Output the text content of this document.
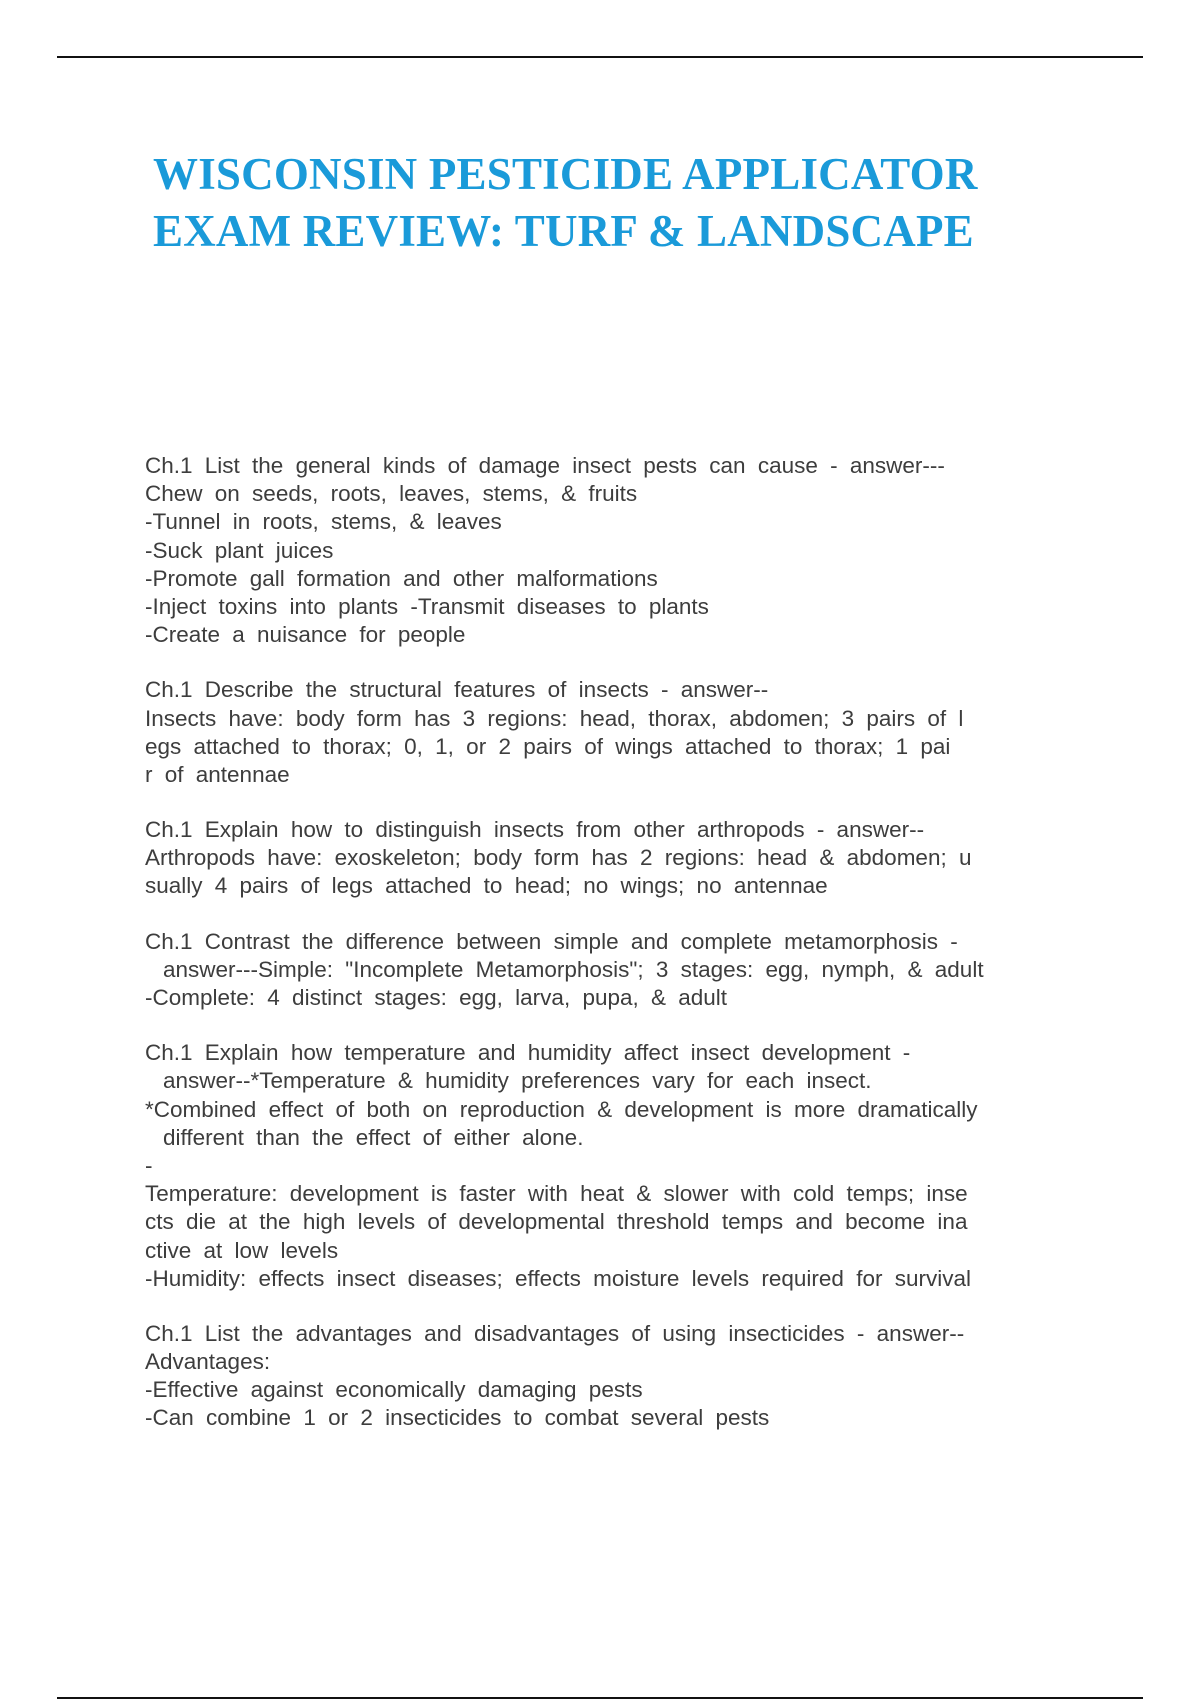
WISCONSIN PESTICIDE APPLICATOR
EXAM REVIEW: TURF & LANDSCAPE
Ch.1 List the general kinds of damage insect pests can cause - answer---
Chew on seeds, roots, leaves, stems, & fruits
-Tunnel in roots, stems, & leaves
-Suck plant juices
-Promote gall formation and other malformations
-Inject toxins into plants -Transmit diseases to plants
-Create a nuisance for people
Ch.1 Describe the structural features of insects - answer--
Insects have: body form has 3 regions: head, thorax, abdomen; 3 pairs of l
egs attached to thorax; 0, 1, or 2 pairs of wings attached to thorax; 1 pai
r of antennae
Ch.1 Explain how to distinguish insects from other arthropods - answer--
Arthropods have: exoskeleton; body form has 2 regions: head & abdomen; u
sually 4 pairs of legs attached to head; no wings; no antennae
Ch.1 Contrast the difference between simple and complete metamorphosis -
answer---Simple: "Incomplete Metamorphosis"; 3 stages: egg, nymph, & adult
-Complete: 4 distinct stages: egg, larva, pupa, & adult
Ch.1 Explain how temperature and humidity affect insect development -
answer--*Temperature & humidity preferences vary for each insect.
*Combined effect of both on reproduction & development is more dramatically
different than the effect of either alone.
-
Temperature: development is faster with heat & slower with cold temps; inse
cts die at the high levels of developmental threshold temps and become ina
ctive at low levels
-Humidity: effects insect diseases; effects moisture levels required for survival
Ch.1 List the advantages and disadvantages of using insecticides - answer--
Advantages:
-Effective against economically damaging pests
-Can combine 1 or 2 insecticides to combat several pests
